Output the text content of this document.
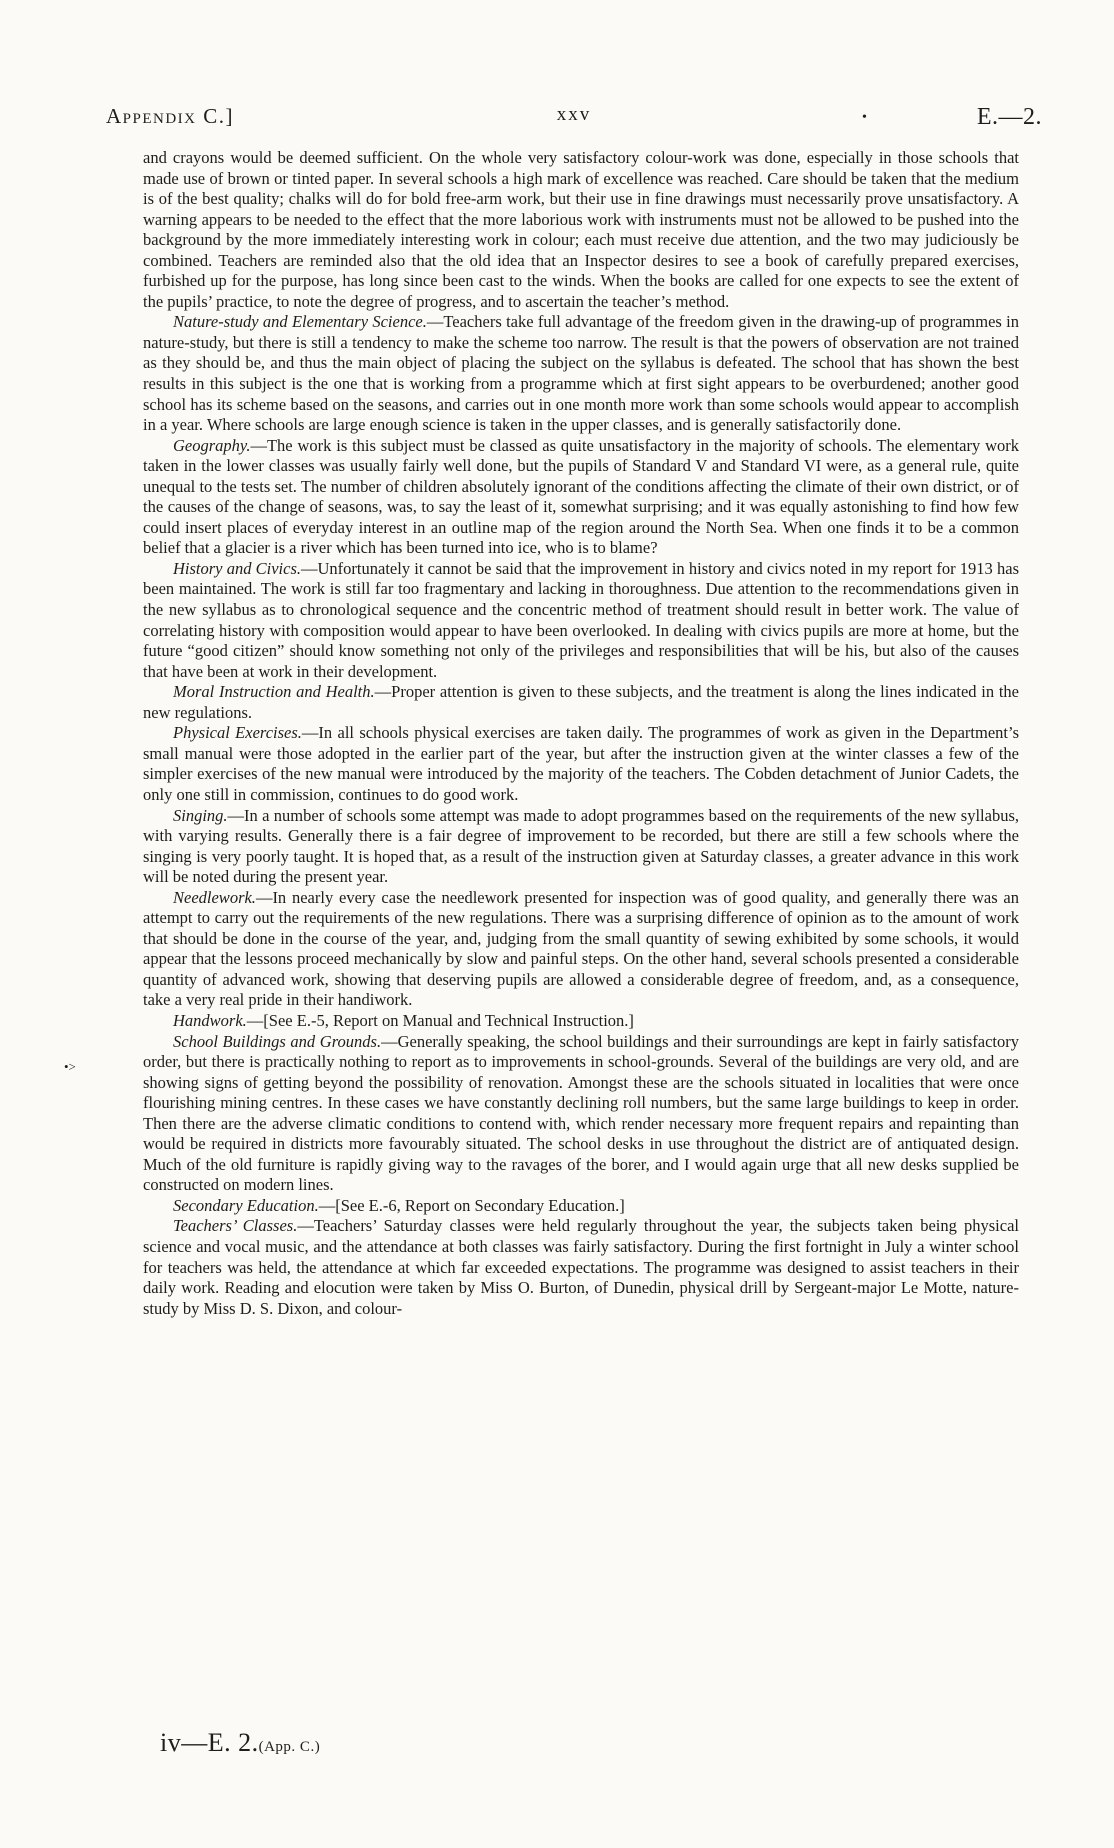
Appendix C.]	xxv	•	E.—2.

and crayons would be deemed sufficient. On the whole very satisfactory colour-work was done, especially in those schools that made use of brown or tinted paper. In several schools a high mark of excellence was reached. Care should be taken that the medium is of the best quality; chalks will do for bold free-arm work, but their use in fine drawings must necessarily prove unsatisfactory. A warning appears to be needed to the effect that the more laborious work with instruments must not be allowed to be pushed into the background by the more immediately interesting work in colour; each must receive due attention, and the two may judiciously be combined. Teachers are reminded also that the old idea that an Inspector desires to see a book of carefully prepared exercises, furbished up for the purpose, has long since been cast to the winds. When the books are called for one expects to see the extent of the pupils’ practice, to note the degree of progress, and to ascertain the teacher’s method.

Nature-study and Elementary Science.—Teachers take full advantage of the freedom given in the drawing-up of programmes in nature-study, but there is still a tendency to make the scheme too narrow. The result is that the powers of observation are not trained as they should be, and thus the main object of placing the subject on the syllabus is defeated. The school that has shown the best results in this subject is the one that is working from a programme which at first sight appears to be overburdened; another good school has its scheme based on the seasons, and carries out in one month more work than some schools would appear to accomplish in a year. Where schools are large enough science is taken in the upper classes, and is generally satisfactorily done.

Geography.—The work is this subject must be classed as quite unsatisfactory in the majority of schools. The elementary work taken in the lower classes was usually fairly well done, but the pupils of Standard V and Standard VI were, as a general rule, quite unequal to the tests set. The number of children absolutely ignorant of the conditions affecting the climate of their own district, or of the causes of the change of seasons, was, to say the least of it, somewhat surprising; and it was equally astonishing to find how few could insert places of everyday interest in an outline map of the region around the North Sea. When one finds it to be a common belief that a glacier is a river which has been turned into ice, who is to blame?

History and Civics.—Unfortunately it cannot be said that the improvement in history and civics noted in my report for 1913 has been maintained. The work is still far too fragmentary and lacking in thoroughness. Due attention to the recommendations given in the new syllabus as to chronological sequence and the concentric method of treatment should result in better work. The value of correlating history with composition would appear to have been overlooked. In dealing with civics pupils are more at home, but the future “good citizen” should know something not only of the privileges and responsibilities that will be his, but also of the causes that have been at work in their development.

Moral Instruction and Health.—Proper attention is given to these subjects, and the treatment is along the lines indicated in the new regulations.

Physical Exercises.—In all schools physical exercises are taken daily. The programmes of work as given in the Department’s small manual were those adopted in the earlier part of the year, but after the instruction given at the winter classes a few of the simpler exercises of the new manual were introduced by the majority of the teachers. The Cobden detachment of Junior Cadets, the only one still in commission, continues to do good work.

Singing.—In a number of schools some attempt was made to adopt programmes based on the requirements of the new syllabus, with varying results. Generally there is a fair degree of improvement to be recorded, but there are still a few schools where the singing is very poorly taught. It is hoped that, as a result of the instruction given at Saturday classes, a greater advance in this work will be noted during the present year.

Needlework.—In nearly every case the needlework presented for inspection was of good quality, and generally there was an attempt to carry out the requirements of the new regulations. There was a surprising difference of opinion as to the amount of work that should be done in the course of the year, and, judging from the small quantity of sewing exhibited by some schools, it would appear that the lessons proceed mechanically by slow and painful steps. On the other hand, several schools presented a considerable quantity of advanced work, showing that deserving pupils are allowed a considerable degree of freedom, and, as a consequence, take a very real pride in their handiwork.

Handwork.—[See E.-5, Report on Manual and Technical Instruction.]

School Buildings and Grounds.—Generally speaking, the school buildings and their surroundings are kept in fairly satisfactory order, but there is practically nothing to report as to improvements in school-grounds. Several of the buildings are very old, and are showing signs of getting beyond the possibility of renovation. Amongst these are the schools situated in localities that were once flourishing mining centres. In these cases we have constantly declining roll numbers, but the same large buildings to keep in order. Then there are the adverse climatic conditions to contend with, which render necessary more frequent repairs and repainting than would be required in districts more favourably situated. The school desks in use throughout the district are of antiquated design. Much of the old furniture is rapidly giving way to the ravages of the borer, and I would again urge that all new desks supplied be constructed on modern lines.

Secondary Education.—[See E.-6, Report on Secondary Education.]

Teachers’ Classes.—Teachers’ Saturday classes were held regularly throughout the year, the subjects taken being physical science and vocal music, and the attendance at both classes was fairly satisfactory. During the first fortnight in July a winter school for teachers was held, the attendance at which far exceeded expectations. The programme was designed to assist teachers in their daily work. Reading and elocution were taken by Miss O. Burton, of Dunedin, physical drill by Sergeant-major Le Motte, nature-study by Miss D. S. Dixon, and colour-

•>
iv—E. 2.(App. C.)
